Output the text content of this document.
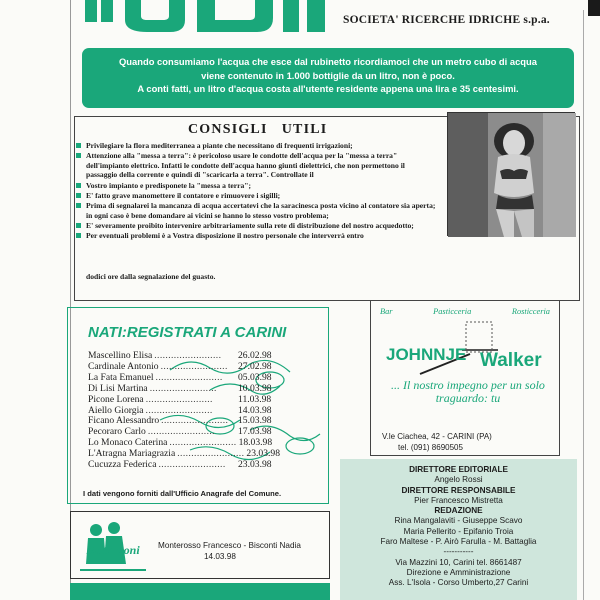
SOCIETA' RICERCHE IDRICHE s.p.a.
Quando consumiamo l'acqua che esce dal rubinetto ricordiamoci che un metro cubo di acqua
viene contenuto in 1.000 bottiglie da un litro, non è poco.
A conti fatti, un litro d'acqua costa all'utente residente appena una lira e 35 centesimi.
CONSIGLI   UTILI
Privilegiare la flora mediterranea a piante che necessitano di frequenti irrigazioni;
Attenzione alla "messa a terra": è pericoloso usare le condotte dell'acqua per la "messa a terra" dell'impianto elettrico. Infatti le condotte dell'acqua hanno giunti dielettrici, che non permettono il passaggio della corrente e quindi di "scaricarla a terra". Controllate il
Vostro impianto e predisponete la "messa a terra";
E' fatto grave manomettere il contatore e rimuovere i sigilli;
Prima di segnalarei la mancanza di acqua accertatevi che la saracinesca posta vicino al contatore sia aperta; in ogni caso è bene domandare ai vicini se hanno lo stesso vostro problema;
E' severamente proibito intervenire arbitrariamente sulla rete di distribuzione del nostro acquedotto;
Per eventuali problemi è a Vostra disposizione il nostro personale che interverrà entro
dodici ore dalla segnalazione del guasto.
NATI:REGISTRATI A CARINI
Mascellino Elisa ........................	26.02.98
Cardinale Antonio ........................	27.02.98
La Fata Emanuel ........................	05.03.98
Di Lisi Martina ........................	10.03.98
Picone Lorena ........................	11.03.98
Aiello Giorgia ........................	14.03.98
Ficano Alessandro ........................	15.03.98
Pecoraro Carlo ........................	17.03.98
Lo Monaco Caterina ........................ 18.03.98
L'Atragna Mariagrazia ........................ 23.03.98
Cucuzza Federica ........................	23.03.98
I dati vengono forniti dall'Ufficio Anagrafe del Comune.
Matrimoni Monterosso Francesco - Bisconti Nadia
14.03.98
Bar	Pasticceria	Rosticceria
JOHNNJE Walker
... Il nostro impegno per un solo traguardo: tu
V.le Ciachea, 42 - CARINI (PA)
tel. (091) 8690505
DIRETTORE EDITORIALE
Angelo Rossi
DIRETTORE RESPONSABILE
Pier Francesco Mistretta
REDAZIONE
Rina Mangalaviti - Giuseppe Scavo
Maria Pellerito - Epifanio Troia
Faro Maltese - P. Airò Farulla - M. Battaglia
-----------
Via Mazzini 10, Carini tel. 8661487
Direzione e Amministrazione
Ass. L'Isola - Corso Umberto,27 Carini
